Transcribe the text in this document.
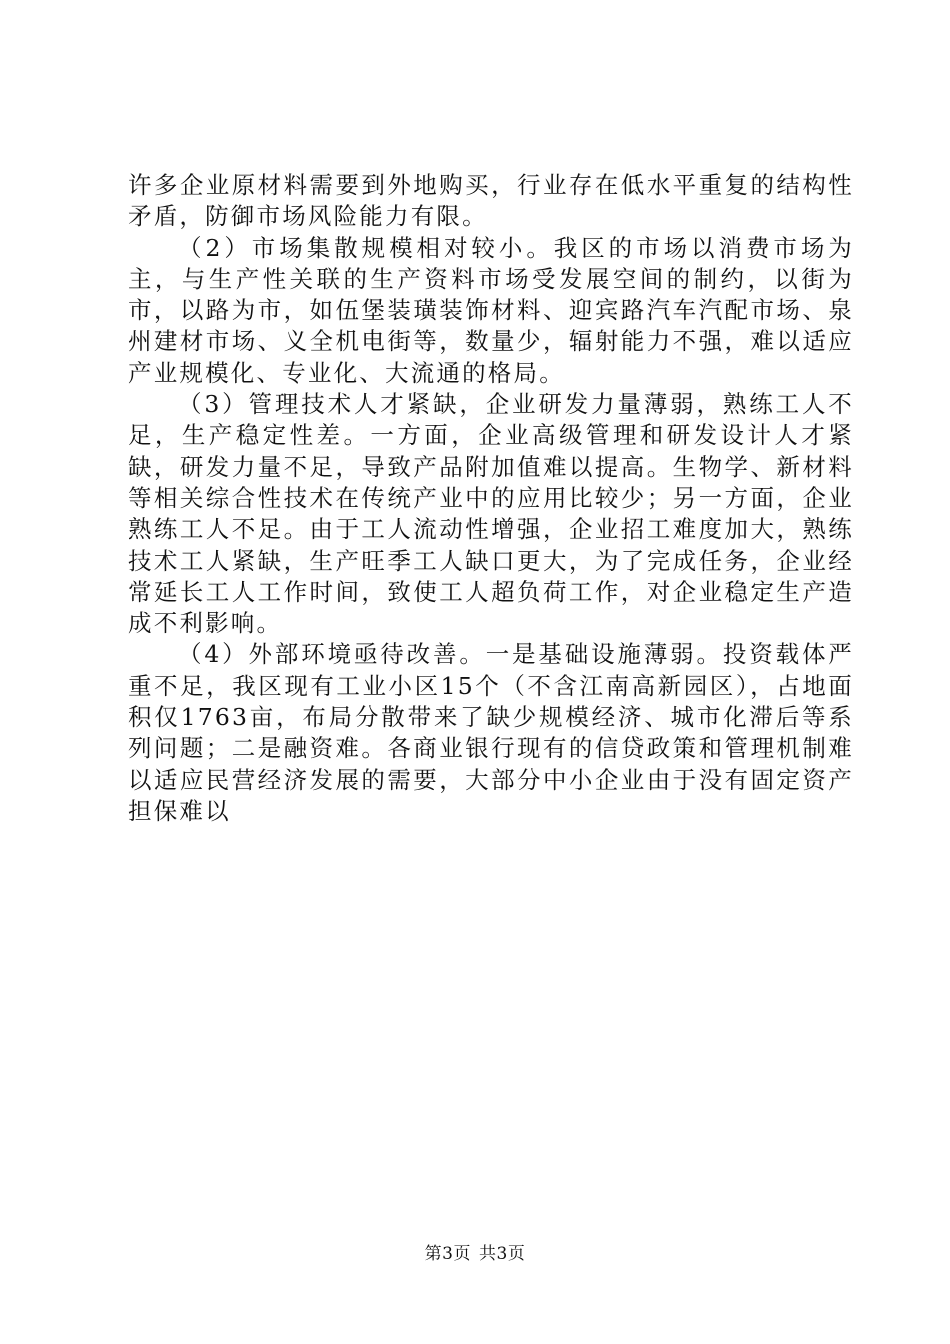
许多企业原材料需要到外地购买，行业存在低水平重复的结构性矛盾，防御市场风险能力有限。

（2）市场集散规模相对较小。我区的市场以消费市场为主，与生产性关联的生产资料市场受发展空间的制约，以街为市，以路为市，如伍堡装璜装饰材料、迎宾路汽车汽配市场、泉州建材市场、义全机电街等，数量少，辐射能力不强，难以适应产业规模化、专业化、大流通的格局。

（3）管理技术人才紧缺，企业研发力量薄弱，熟练工人不足，生产稳定性差。一方面，企业高级管理和研发设计人才紧缺，研发力量不足，导致产品附加值难以提高。生物学、新材料等相关综合性技术在传统产业中的应用比较少；另一方面，企业熟练工人不足。由于工人流动性增强，企业招工难度加大，熟练技术工人紧缺，生产旺季工人缺口更大，为了完成任务，企业经常延长工人工作时间，致使工人超负荷工作，对企业稳定生产造成不利影响。

（4）外部环境亟待改善。一是基础设施薄弱。投资载体严重不足，我区现有工业小区15个（不含江南高新园区），占地面积仅1763亩，布局分散带来了缺少规模经济、城市化滞后等系列问题；二是融资难。各商业银行现有的信贷政策和管理机制难以适应民营经济发展的需要，大部分中小企业由于没有固定资产担保难以

第3页 共3页
